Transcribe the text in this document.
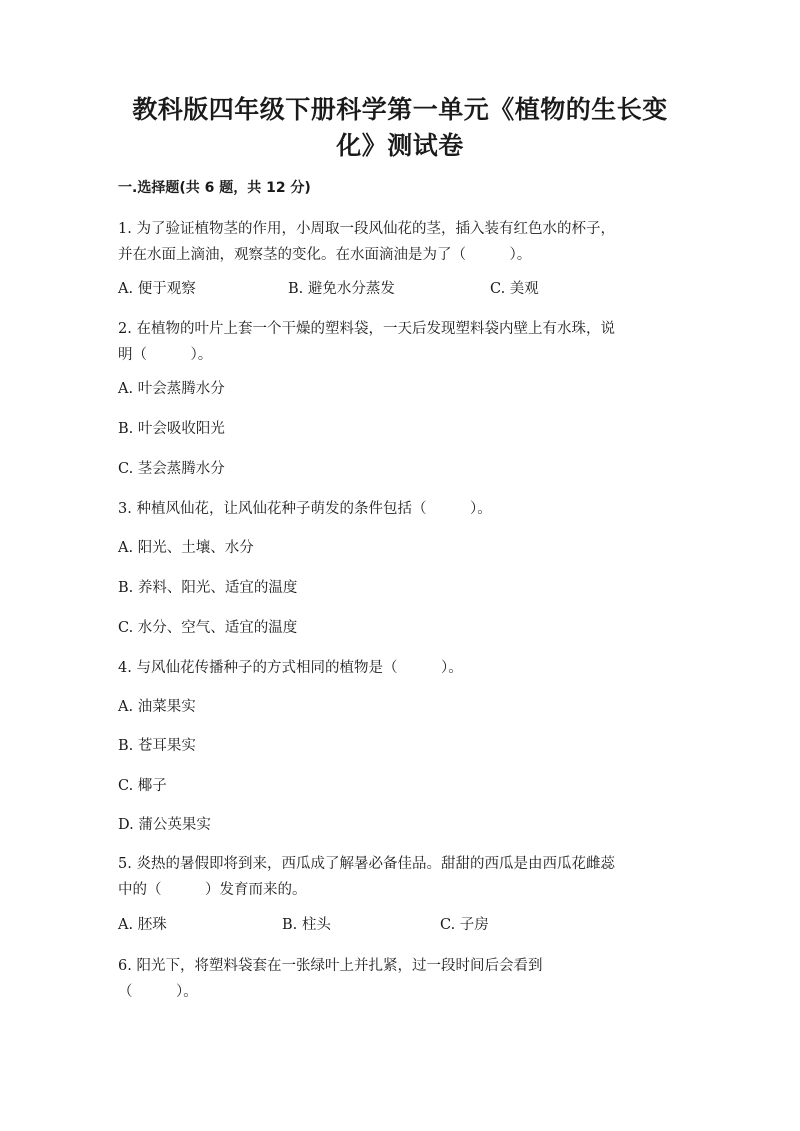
教科版四年级下册科学第一单元《植物的生长变
化》测试卷
一.选择题(共 6 题，共 12 分)
1. 为了验证植物茎的作用，小周取一段风仙花的茎，插入装有红色水的杯子，
并在水面上滴油，观察茎的变化。在水面滴油是为了（　　　）。
A. 便于观察	B. 避免水分蒸发	C. 美观
2. 在植物的叶片上套一个干燥的塑料袋，一天后发现塑料袋内壁上有水珠，说
明（　　　）。
A. 叶会蒸腾水分
B. 叶会吸收阳光
C. 茎会蒸腾水分
3. 种植风仙花，让风仙花种子萌发的条件包括（　　　）。
A. 阳光、土壤、水分
B. 养料、阳光、适宜的温度
C. 水分、空气、适宜的温度
4. 与风仙花传播种子的方式相同的植物是（　　　）。
A. 油菜果实
B. 苍耳果实
C. 椰子
D. 蒲公英果实
5. 炎热的暑假即将到来，西瓜成了解暑必备佳品。甜甜的西瓜是由西瓜花雌蕊
中的（　　　）发育而来的。
A. 胚珠	B. 柱头	C. 子房
6. 阳光下，将塑料袋套在一张绿叶上并扎紧，过一段时间后会看到
（　　　）。
